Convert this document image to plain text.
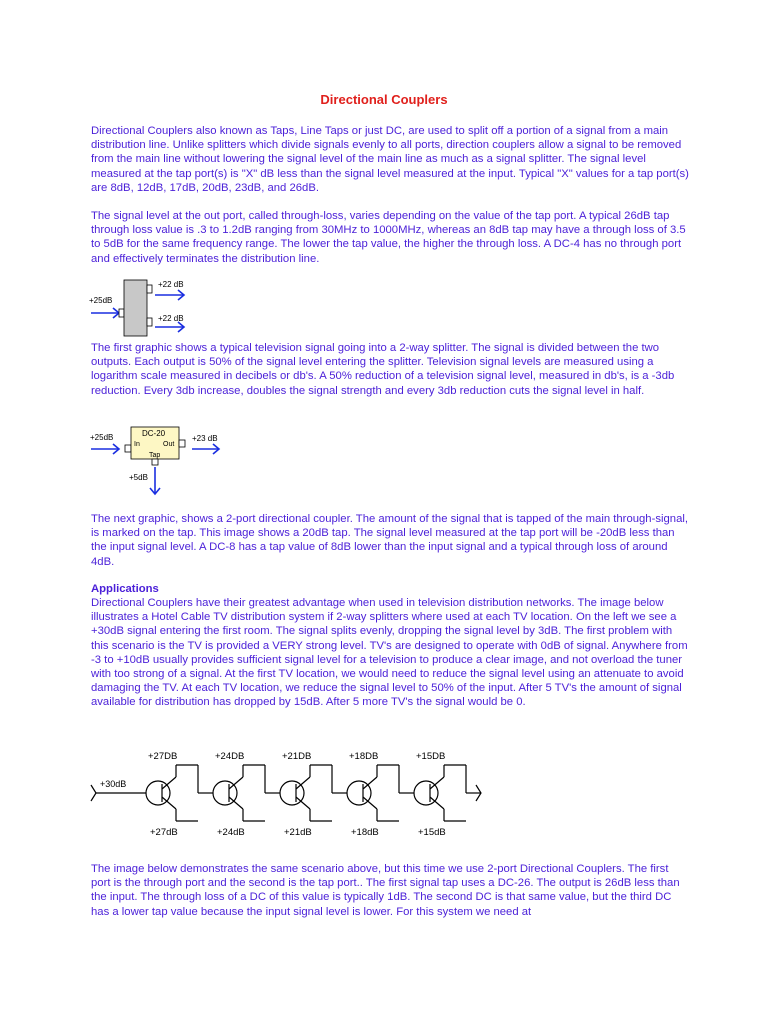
Directional Couplers

Directional Couplers also known as Taps, Line Taps or just DC, are used to split off a portion of a signal from a main distribution line. Unlike splitters which divide signals evenly to all ports, direction couplers allow a signal to be removed from the main line without lowering the signal level of the main line as much as a signal splitter. The signal level measured at the tap port(s) is "X" dB less than the signal level measured at the input. Typical "X" values for a tap port(s) are 8dB, 12dB, 17dB, 20dB, 23dB, and 26dB.

The signal level at the out port, called through-loss, varies depending on the value of the tap port. A typical 26dB tap through loss value is .3 to 1.2dB ranging from 30MHz to 1000MHz, whereas an 8dB tap may have a through loss of 3.5 to 5dB for the same frequency range. The lower the tap value, the higher the through loss. A DC-4 has no through port and effectively terminates the distribution line.

+25dB
+22 dB
+22 dB

The first graphic shows a typical television signal going into a 2-way splitter. The signal is divided between the two outputs. Each output is 50% of the signal level entering the splitter. Television signal levels are measured using a logarithm scale measured in decibels or db's. A 50% reduction of a television signal level, measured in db's, is a -3db reduction. Every 3db increase, doubles the signal strength and every 3db reduction cuts the signal level in half.

+25dB	DC-20
In	Out
Tap
+23 dB
+5dB

The next graphic, shows a 2-port directional coupler. The amount of the signal that is tapped of the main through-signal, is marked on the tap. This image shows a 20dB tap. The signal level measured at the tap port will be -20dB less than the input signal level. A DC-8 has a tap value of 8dB lower than the input signal and a typical through loss of around 4dB.

Applications

Directional Couplers have their greatest advantage when used in television distribution networks. The image below illustrates a Hotel Cable TV distribution system if 2-way splitters where used at each TV location. On the left we see a +30dB signal entering the first room. The signal splits evenly, dropping the signal level by 3dB. The first problem with this scenario is the TV is provided a VERY strong level. TV's are designed to operate with 0dB of signal. Anywhere from -3 to +10dB usually provides sufficient signal level for a television to produce a clear image, and not overload the tuner with too strong of a signal. At the first TV location, we would need to reduce the signal level using an attenuate to avoid damaging the TV. At each TV location, we reduce the signal level to 50% of the input. After 5 TV's the amount of signal available for distribution has dropped by 15dB. After 5 more TV's the signal would be 0.

+30dB
+27DB
+27dB
+24DB
+24dB
+21DB
+21dB
+18DB
+18dB
+15DB
+15dB

The image below demonstrates the same scenario above, but this time we use 2-port Directional Couplers. The first port is the through port and the second is the tap port.. The first signal tap uses a DC-26. The output is 26dB less than the input. The through loss of a DC of this value is typically 1dB. The second DC is that same value, but the third DC has a lower tap value because the input signal level is lower. For this system we need at
